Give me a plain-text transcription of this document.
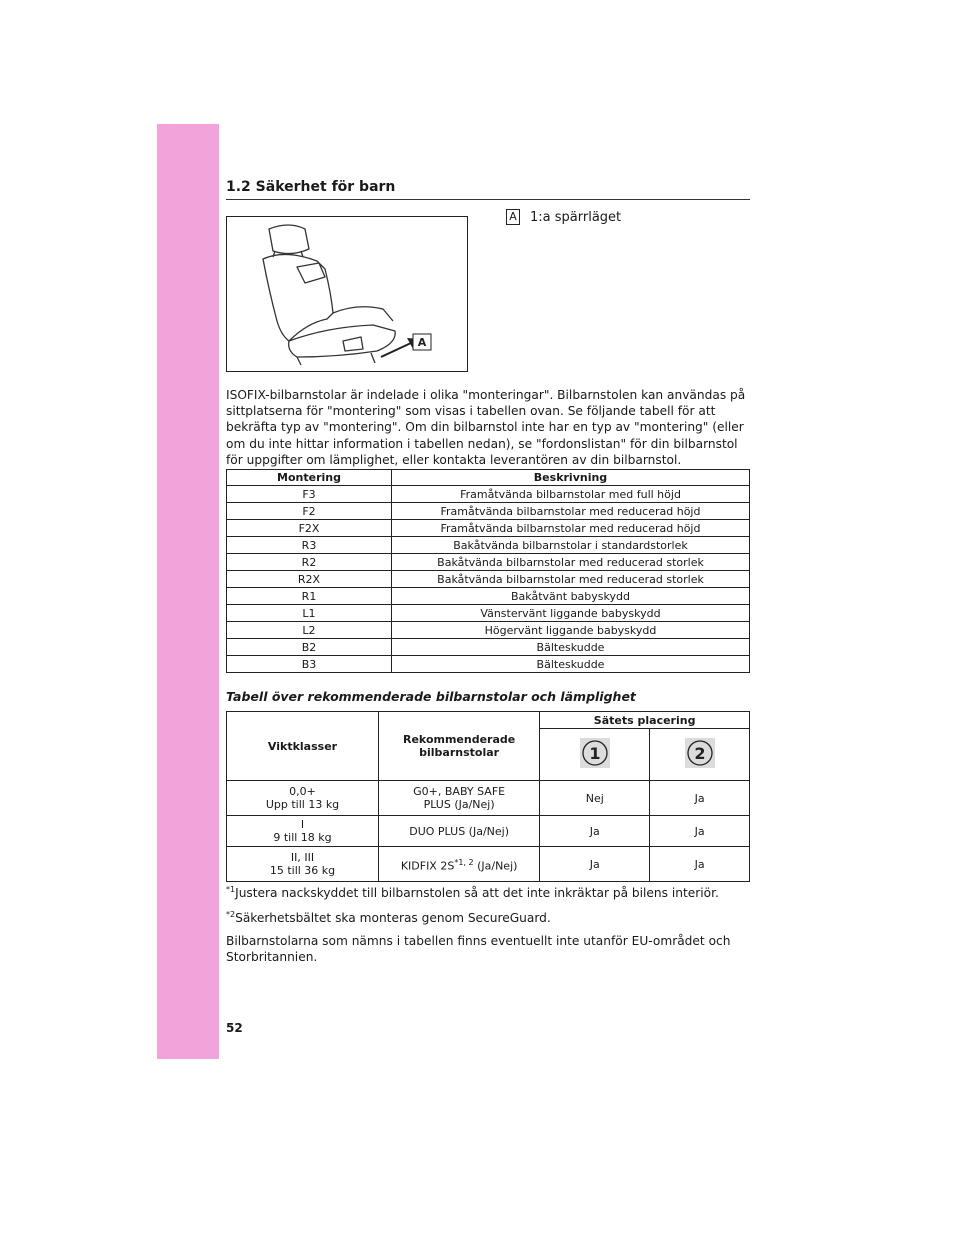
1.2 Säkerhet för barn
A
A 1:a spärrläget

ISOFIX-bilbarnstolar är indelade i olika "monteringar". Bilbarnstolen kan användas på sittplatserna för "montering" som visas i tabellen ovan. Se följande tabell för att bekräfta typ av "montering". Om din bilbarnstol inte har en typ av "montering" (eller om du inte hittar information i tabellen nedan), se "fordonslistan" för din bilbarnstol för uppgifter om lämplighet, eller kontakta leverantören av din bilbarnstol.

Montering	Beskrivning
F3	Framåtvända bilbarnstolar med full höjd
F2	Framåtvända bilbarnstolar med reducerad höjd
F2X	Framåtvända bilbarnstolar med reducerad höjd
R3	Bakåtvända bilbarnstolar i standardstorlek
R2	Bakåtvända bilbarnstolar med reducerad storlek
R2X	Bakåtvända bilbarnstolar med reducerad storlek
R1	Bakåtvänt babyskydd
L1	Vänstervänt liggande babyskydd
L2	Högervänt liggande babyskydd
B2	Bälteskudde
B3	Bälteskudde
Tabell över rekommenderade bilbarnstolar och lämplighet
Viktklasser	Rekommenderade bilbarnstolar	Sätets placering	

1	2

0,0+
Upp till 13 kg	G0+, BABY SAFE PLUS (Ja/Nej)	Nej	Ja
I
9 till 18 kg	DUO PLUS (Ja/Nej)	Ja	Ja
II, III
15 till 36 kg	KIDFIX $2S^{*1, 2}$ (Ja/Nej)	Ja	Ja

$^{*1}$Justera nackskyddet till bilbarnstolen så att det inte inkräktar på bilens interiör.

$^{*2}$Säkerhetsbältet ska monteras genom SecureGuard.

Bilbarnstolarna som nämns i tabellen finns eventuellt inte utanför EU-området och Storbritannien.

52
